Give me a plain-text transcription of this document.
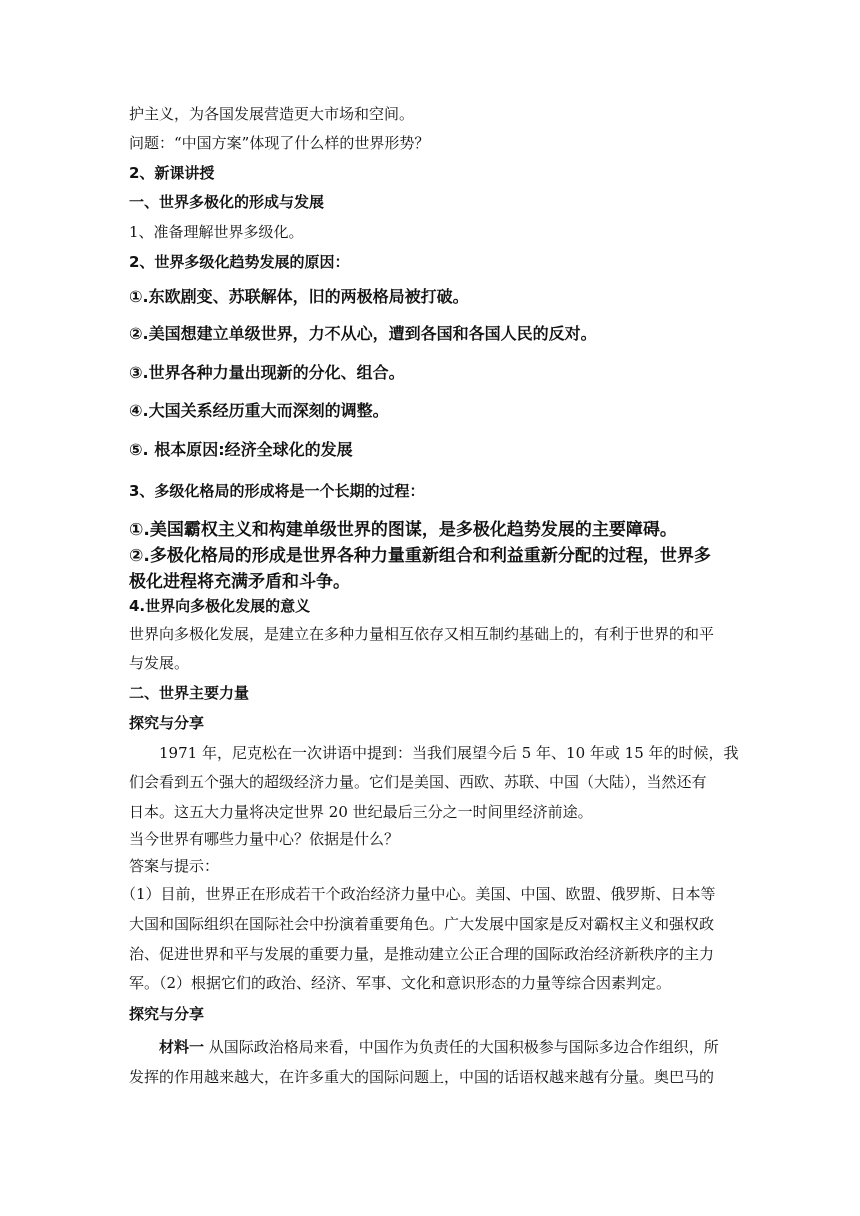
护主义，为各国发展营造更大市场和空间。

问题：“中国方案”体现了什么样的世界形势？

2、新课讲授

一、世界多极化的形成与发展

1、准备理解世界多级化。

2、世界多级化趋势发展的原因：

①.东欧剧变、苏联解体，旧的两极格局被打破。

②.美国想建立单级世界，力不从心，遭到各国和各国人民的反对。

③.世界各种力量出现新的分化、组合。

④.大国关系经历重大而深刻的调整。

⑤. 根本原因:经济全球化的发展

3、多级化格局的形成将是一个长期的过程：

①.美国霸权主义和构建单级世界的图谋，是多极化趋势发展的主要障碍。

②.多极化格局的形成是世界各种力量重新组合和利益重新分配的过程，世界多

极化进程将充满矛盾和斗争。

4.世界向多极化发展的意义

世界向多极化发展，是建立在多种力量相互依存又相互制约基础上的，有利于世界的和平

与发展。

二、世界主要力量

探究与分享

1971 年，尼克松在一次讲语中提到：当我们展望今后 5 年、10 年或 15 年的时候，我

们会看到五个强大的超级经济力量。它们是美国、西欧、苏联、中国（大陆），当然还有

日本。这五大力量将决定世界 20 世纪最后三分之一时间里经济前途。

当今世界有哪些力量中心？依据是什么？

答案与提示：

（1）目前，世界正在形成若干个政治经济力量中心。美国、中国、欧盟、俄罗斯、日本等

大国和国际组织在国际社会中扮演着重要角色。广大发展中国家是反对霸权主义和强权政

治、促进世界和平与发展的重要力量，是推动建立公正合理的国际政治经济新秩序的主力

军。（2）根据它们的政治、经济、军事、文化和意识形态的力量等综合因素判定。

探究与分享

材料一 从国际政治格局来看，中国作为负责任的大国积极参与国际多边合作组织，所

发挥的作用越来越大，在许多重大的国际问题上，中国的话语权越来越有分量。奥巴马的
